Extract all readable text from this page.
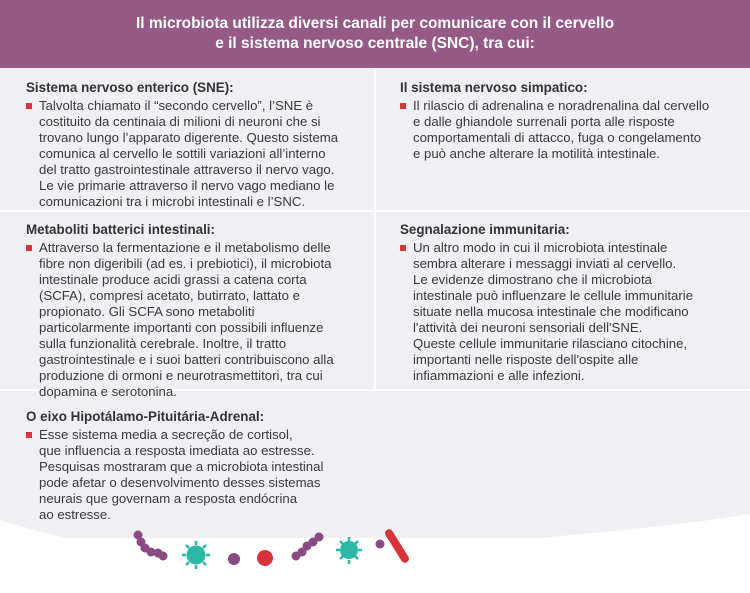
Il microbiota utilizza diversi canali per comunicare con il cervello
e il sistema nervoso centrale (SNC), tra cui:
Sistema nervoso enterico (SNE):
Talvolta chiamato il “secondo cervello”, l’SNE è
costituito da centinaia di milioni di neuroni che si
trovano lungo l’apparato digerente. Questo sistema
comunica al cervello le sottili variazioni all’interno
del tratto gastrointestinale attraverso il nervo vago.
Le vie primarie attraverso il nervo vago mediano le
comunicazioni tra i microbi intestinali e l’SNC.
Il sistema nervoso simpatico:
Il rilascio di adrenalina e noradrenalina dal cervello
e dalle ghiandole surrenali porta alle risposte
comportamentali di attacco, fuga o congelamento
e può anche alterare la motilità intestinale.
Metaboliti batterici intestinali:
Attraverso la fermentazione e il metabolismo delle
fibre non digeribili (ad es. i prebiotici), il microbiota
intestinale produce acidi grassi a catena corta
(SCFA), compresi acetato, butirrato, lattato e
propionato. Gli SCFA sono metaboliti
particolarmente importanti con possibili influenze
sulla funzionalità cerebrale. Inoltre, il tratto
gastrointestinale e i suoi batteri contribuiscono alla
produzione di ormoni e neurotrasmettitori, tra cui
dopamina e serotonina.
Segnalazione immunitaria:
Un altro modo in cui il microbiota intestinale
sembra alterare i messaggi inviati al cervello.
Le evidenze dimostrano che il microbiota
intestinale può influenzare le cellule immunitarie
situate nella mucosa intestinale che modificano
l'attività dei neuroni sensoriali dell'SNE.
Queste cellule immunitarie rilasciano citochine,
importanti nelle risposte dell'ospite alle
infiammazioni e alle infezioni.
O eixo Hipotálamo-Pituitária-Adrenal:
Esse sistema media a secreção de cortisol,
que influencia a resposta imediata ao estresse.
Pesquisas mostraram que a microbiota intestinal
pode afetar o desenvolvimento desses sistemas
neurais que governam a resposta endócrina
ao estresse.
